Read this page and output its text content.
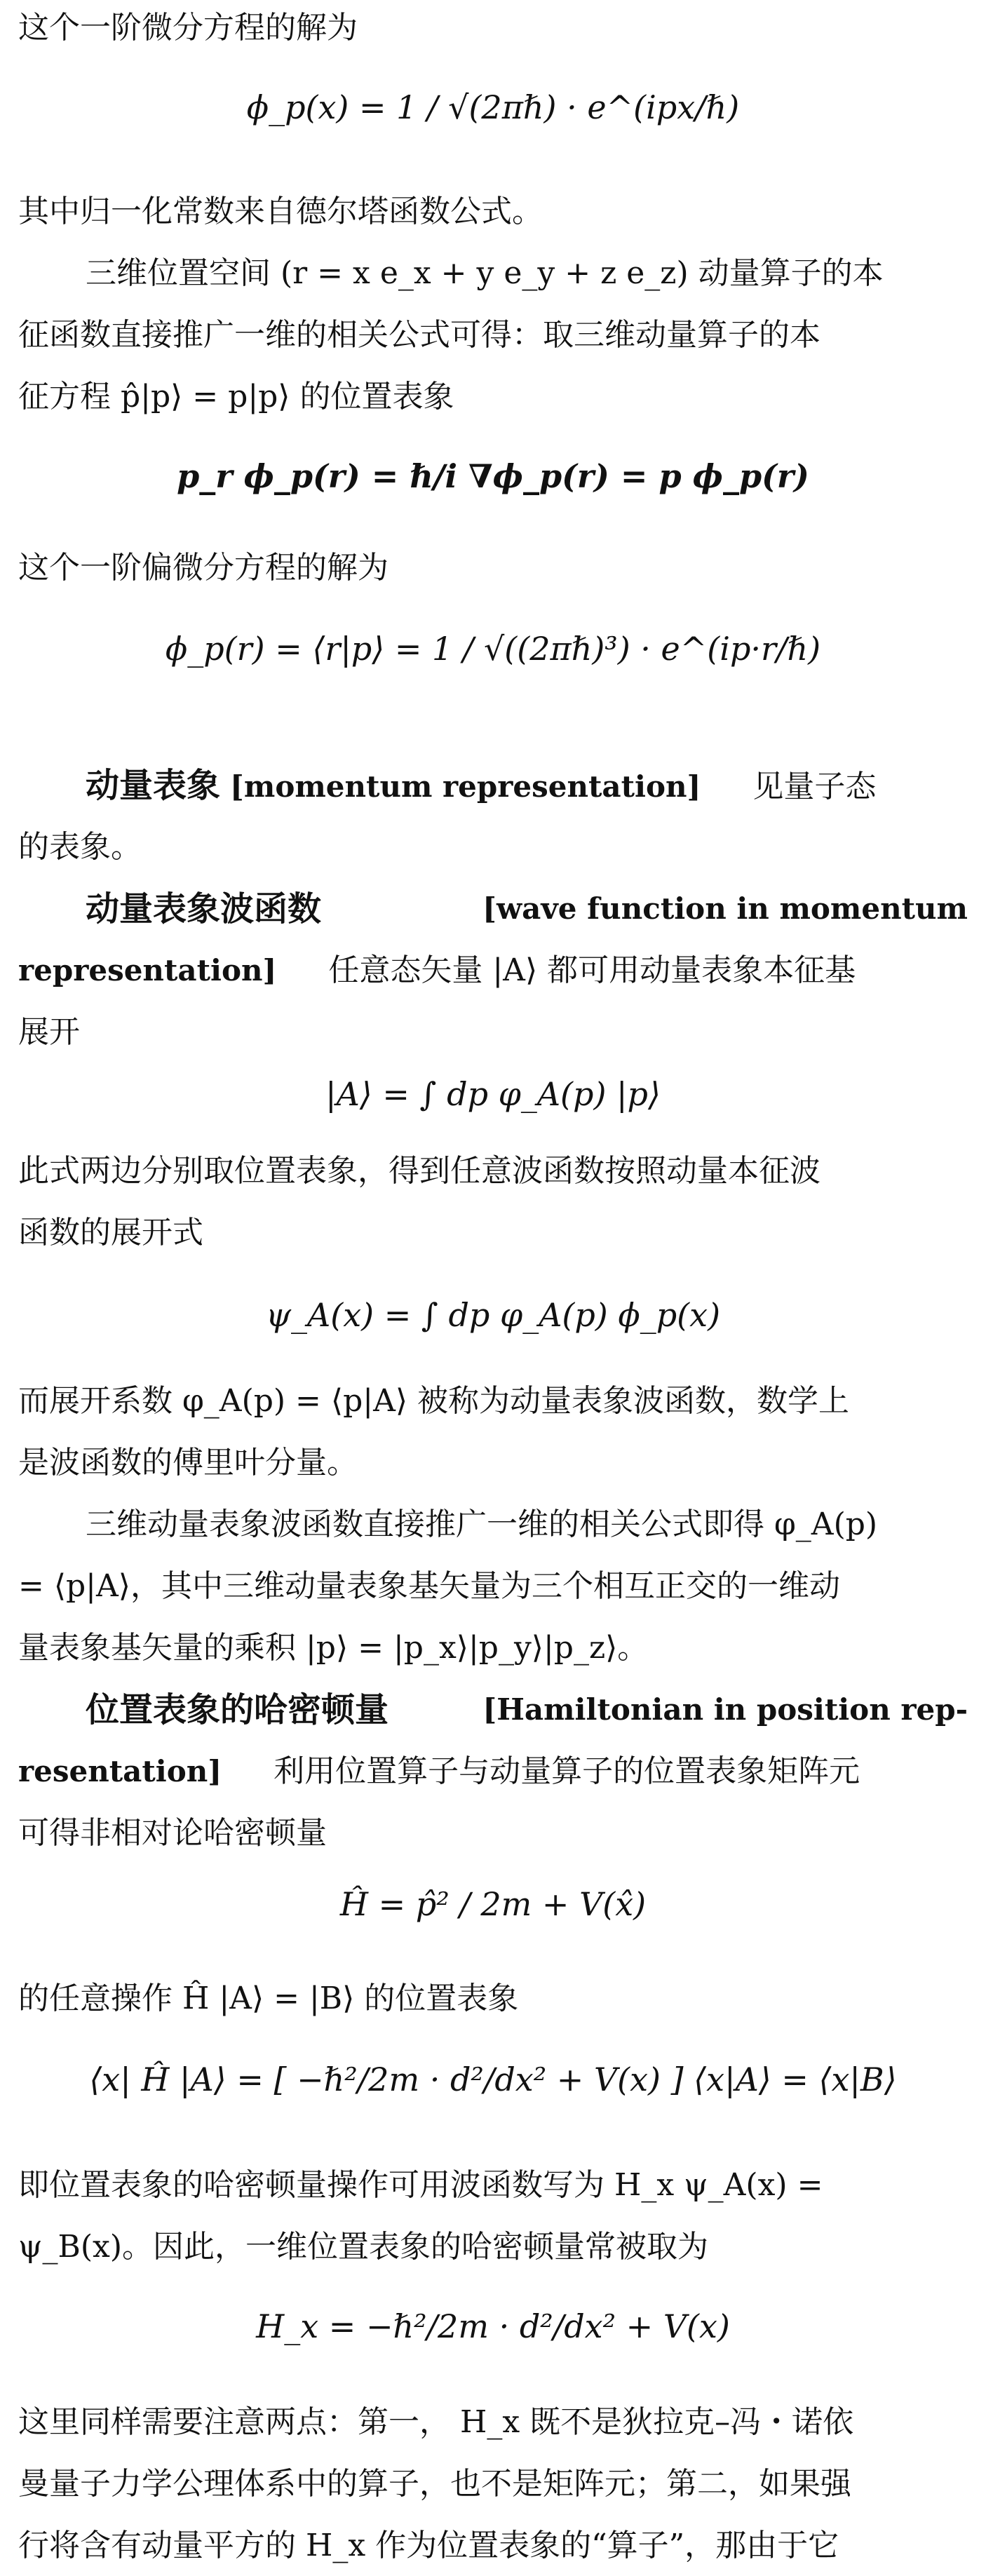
这个一阶微分方程的解为
ϕ_p(x) = 1 / √(2πℏ) · e^(ipx/ℏ)
其中归一化常数来自德尔塔函数公式。
三维位置空间 (r = x e_x + y e_y + z e_z) 动量算子的本
征函数直接推广一维的相关公式可得：取三维动量算子的本
征方程 p̂|p⟩ = p|p⟩ 的位置表象
p_r ϕ_p(r) = ℏ/i ∇ϕ_p(r) = p ϕ_p(r)
这个一阶偏微分方程的解为
ϕ_p(r) = ⟨r|p⟩ = 1 / √((2πℏ)³) · e^(ip·r/ℏ)
动量表象 [momentum representation] 见量子态
的表象。
动量表象波函数	[wave function in momentum
representation] 任意态矢量 |A⟩ 都可用动量表象本征基
展开
|A⟩ = ∫ dp φ_A(p) |p⟩
此式两边分别取位置表象，得到任意波函数按照动量本征波
函数的展开式
ψ_A(x) = ∫ dp φ_A(p) ϕ_p(x)
而展开系数 φ_A(p) = ⟨p|A⟩ 被称为动量表象波函数，数学上
是波函数的傅里叶分量。
三维动量表象波函数直接推广一维的相关公式即得 φ_A(p)
= ⟨p|A⟩，其中三维动量表象基矢量为三个相互正交的一维动
量表象基矢量的乘积 |p⟩ = |p_x⟩|p_y⟩|p_z⟩。
位置表象的哈密顿量	[Hamiltonian in position rep-
resentation] 利用位置算子与动量算子的位置表象矩阵元
可得非相对论哈密顿量
Ĥ = p̂² / 2m + V(x̂)
的任意操作 Ĥ |A⟩ = |B⟩ 的位置表象
⟨x| Ĥ |A⟩ = [ −ℏ²/2m · d²/dx² + V(x) ] ⟨x|A⟩ = ⟨x|B⟩
即位置表象的哈密顿量操作可用波函数写为 H_x ψ_A(x) =
ψ_B(x)。因此，一维位置表象的哈密顿量常被取为
H_x = −ℏ²/2m · d²/dx² + V(x)
这里同样需要注意两点：第一， H_x 既不是狄拉克–冯・诺依
曼量子力学公理体系中的算子，也不是矩阵元；第二，如果强
行将含有动量平方的 H_x 作为位置表象的“算子”，那由于它
